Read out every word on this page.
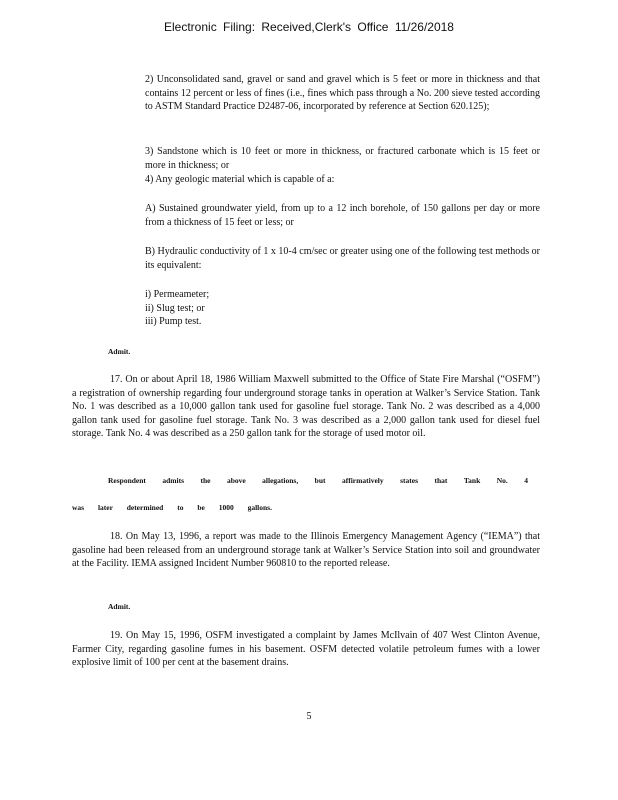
Electronic Filing: Received,Clerk's Office 11/26/2018

2) Unconsolidated sand, gravel or sand and gravel which is 5 feet or more in thickness and that contains 12 percent or less of fines (i.e., fines which pass through a No. 200 sieve tested according to ASTM Standard Practice D2487-06, incorporated by reference at Section 620.125);

3) Sandstone which is 10 feet or more in thickness, or fractured carbonate which is 15 feet or more in thickness; or

4) Any geologic material which is capable of a:

A) Sustained groundwater yield, from up to a 12 inch borehole, of 150 gallons per day or more from a thickness of 15 feet or less; or

B) Hydraulic conductivity of 1 x 10-4 cm/sec or greater using one of the following test methods or its equivalent:

i) Permeameter;
ii) Slug test; or
iii) Pump test.

Admit.

17. On or about April 18, 1986 William Maxwell submitted to the Office of State Fire Marshal (“OSFM”) a registration of ownership regarding four underground storage tanks in operation at Walker’s Service Station. Tank No. 1 was described as a 10,000 gallon tank used for gasoline fuel storage. Tank No. 2 was described as a 4,000 gallon tank used for gasoline fuel storage. Tank No. 3 was described as a 2,000 gallon tank used for diesel fuel storage. Tank No. 4 was described as a 250 gallon tank for the storage of used motor oil.

Respondent admits the above allegations, but affirmatively states that Tank No. 4

was later determined to be 1000 gallons.

18. On May 13, 1996, a report was made to the Illinois Emergency Management Agency (“IEMA”) that gasoline had been released from an underground storage tank at Walker’s Service Station into soil and groundwater at the Facility. IEMA assigned Incident Number 960810 to the reported release.

Admit.

19. On May 15, 1996, OSFM investigated a complaint by James McIlvain of 407 West Clinton Avenue, Farmer City, regarding gasoline fumes in his basement. OSFM detected volatile petroleum fumes with a lower explosive limit of 100 per cent at the basement drains.

5
